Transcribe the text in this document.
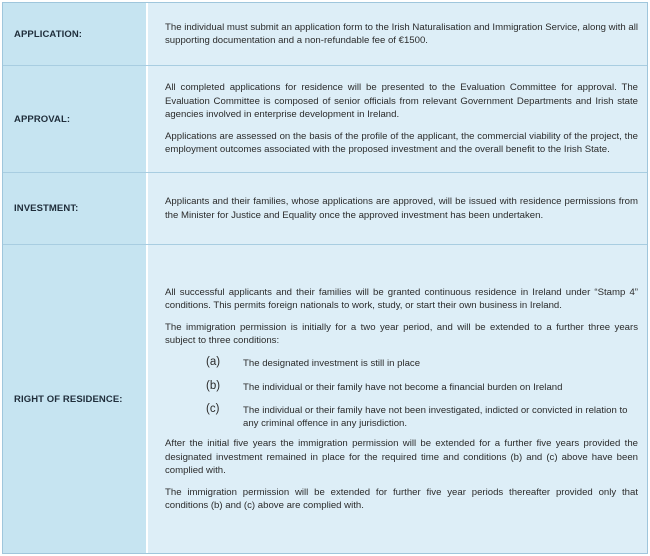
APPLICATION:

The individual must submit an application form to the Irish Naturalisation and Immigration Service, along with all supporting documentation and a non-refundable fee of €1500.

APPROVAL:

All completed applications for residence will be presented to the Evaluation Committee for approval. The Evaluation Committee is composed of senior officials from relevant Government Departments and Irish state agencies involved in enterprise development in Ireland.

Applications are assessed on the basis of the profile of the applicant, the commercial viability of the project, the employment outcomes associated with the proposed investment and the overall benefit to the Irish State.

INVESTMENT:

Applicants and their families, whose applications are approved, will be issued with residence permissions from the Minister for Justice and Equality once the approved investment has been undertaken.

RIGHT OF RESIDENCE:

All successful applicants and their families will be granted continuous residence in Ireland under “Stamp 4” conditions. This permits foreign nationals to work, study, or start their own business in Ireland.

The immigration permission is initially for a two year period, and will be extended to a further three years subject to three conditions:

(a)	The designated investment is still in place
(b)	The individual or their family have not become a financial burden on Ireland
(c)	The individual or their family have not been investigated, indicted or convicted in relation to any criminal offence in any jurisdiction.

After the initial five years the immigration permission will be extended for a further five years provided the designated investment remained in place for the required time and conditions (b) and (c) above have been complied with.

The immigration permission will be extended for further five year periods thereafter provided only that conditions (b) and (c) above are complied with.
